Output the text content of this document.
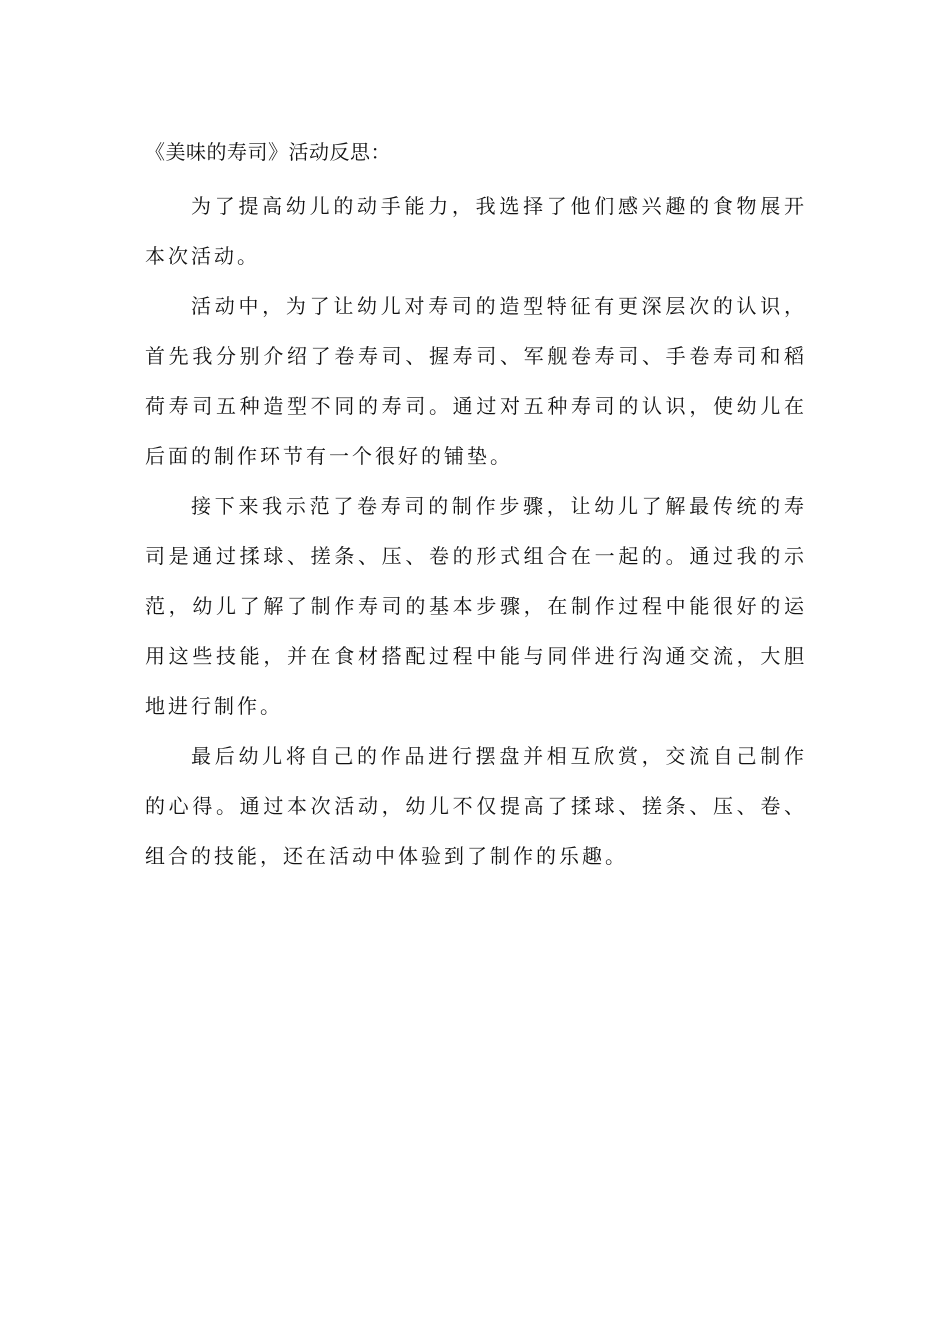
《美味的寿司》活动反思：

为了提高幼儿的动手能力，我选择了他们感兴趣的食物展开本次活动。

活动中，为了让幼儿对寿司的造型特征有更深层次的认识，首先我分别介绍了卷寿司、握寿司、军舰卷寿司、手卷寿司和稻荷寿司五种造型不同的寿司。通过对五种寿司的认识，使幼儿在后面的制作环节有一个很好的铺垫。

接下来我示范了卷寿司的制作步骤，让幼儿了解最传统的寿司是通过揉球、搓条、压、卷的形式组合在一起的。通过我的示范，幼儿了解了制作寿司的基本步骤，在制作过程中能很好的运用这些技能，并在食材搭配过程中能与同伴进行沟通交流，大胆地进行制作。

最后幼儿将自己的作品进行摆盘并相互欣赏，交流自己制作的心得。通过本次活动，幼儿不仅提高了揉球、搓条、压、卷、组合的技能，还在活动中体验到了制作的乐趣。
